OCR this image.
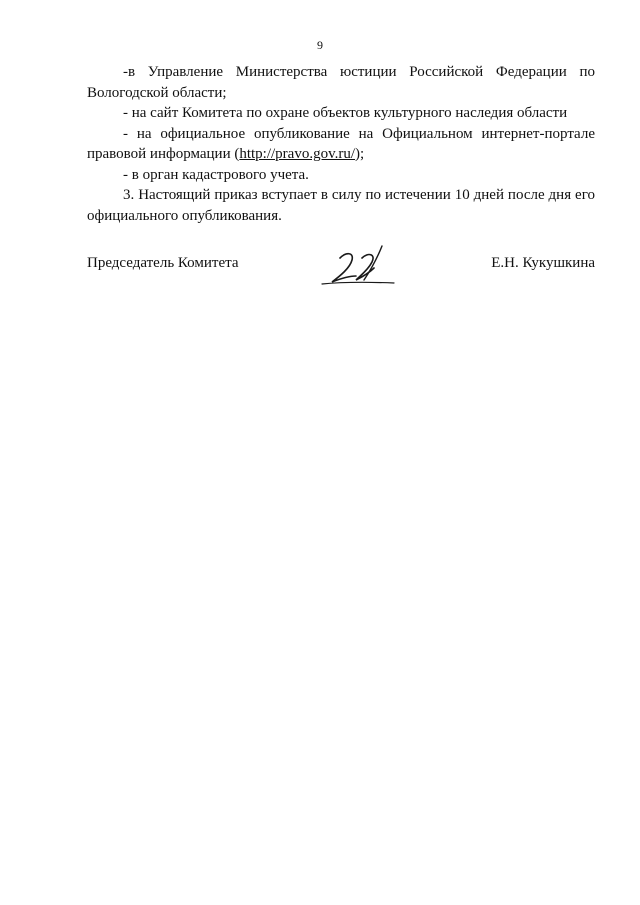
9

-в Управление Министерства юстиции Российской Федерации по Вологодской области;

- на сайт Комитета по охране объектов культурного наследия области

- на официальное опубликование на Официальном интернет-портале правовой информации (http://pravo.gov.ru/);

- в орган кадастрового учета.

3. Настоящий приказ вступает в силу по истечении 10 дней после дня его официального опубликования.

Председатель Комитета	Е.Н. Кукушкина
